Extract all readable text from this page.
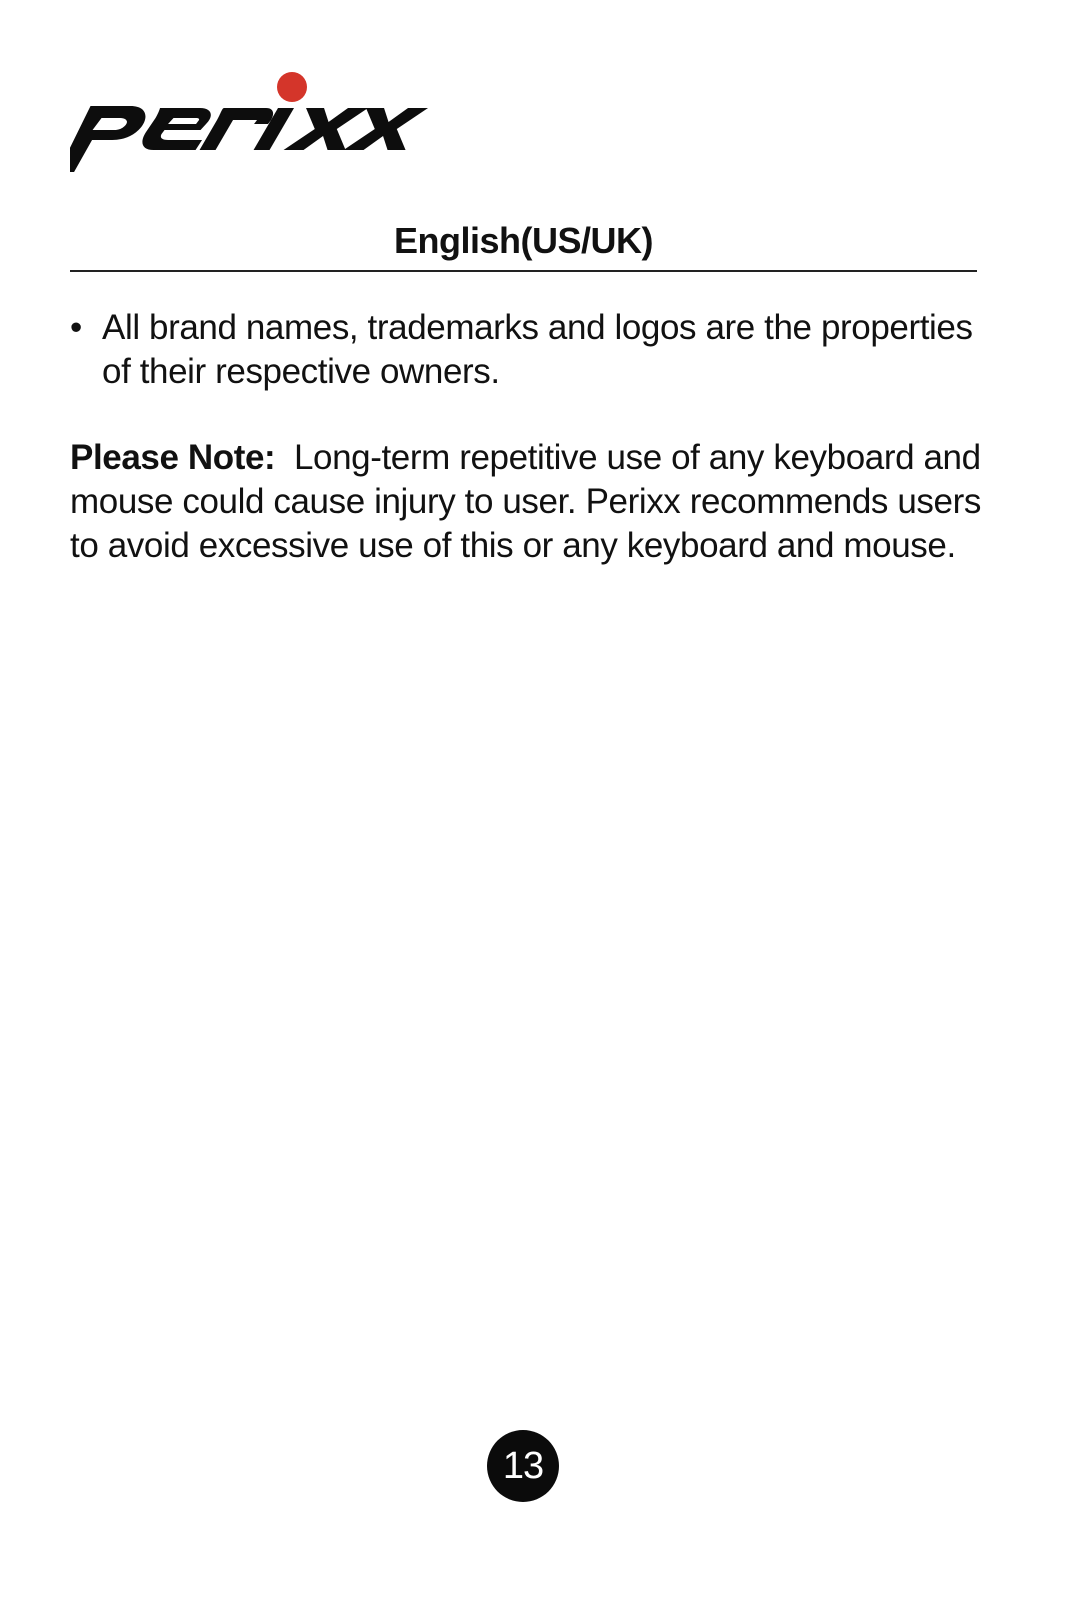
English(US/UK)
• All brand names, trademarks and logos are the properties of their respective owners.
Please Note: Long-term repetitive use of any keyboard and mouse could cause injury to user. Perixx recommends users to avoid excessive use of this or any keyboard and mouse.
13
